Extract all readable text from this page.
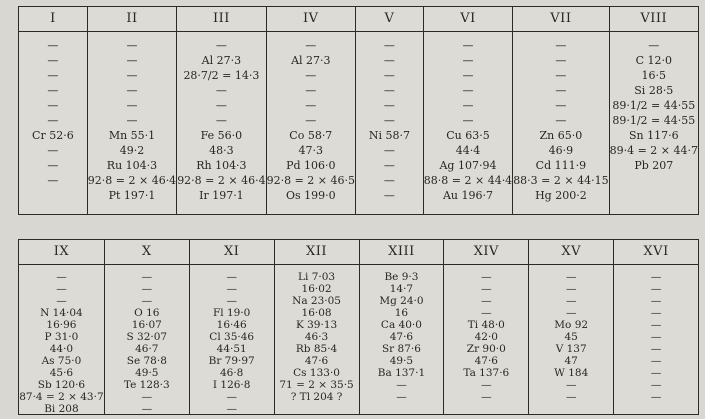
I
—
—
—
—
—
—
Cr 52·6
—
—
—
II
—
—
—
—
—
—
Mn 55·1
49·2
Ru 104·3
92·8 = 2 × 46·4
Pt 197·1
III
—
Al 27·3
28·7/2 = 14·3
—
—
—
Fe 56·0
48·3
Rh 104·3
92·8 = 2 × 46·4
Ir 197·1
IV
—
Al 27·3
—
—
—
—
Co 58·7
47·3
Pd 106·0
92·8 = 2 × 46·5
Os 199·0
V
—
—
—
—
—
—
Ni 58·7
—
—
—
—
VI
—
—
—
—
—
—
Cu 63·5
44·4
Ag 107·94
88·8 = 2 × 44·4
Au 196·7
VII
—
—
—
—
—
—
Zn 65·0
46·9
Cd 111·9
88·3 = 2 × 44·15
Hg 200·2
VIII
—
C 12·0
16·5
Si 28·5
89·1/2 = 44·55
89·1/2 = 44·55
Sn 117·6
89·4 = 2 × 44·7
Pb 207
IX
—
—
—
N 14·04
16·96
P 31·0
44·0
As 75·0
45·6
Sb 120·6
87·4 = 2 × 43·7
Bi 208
X
—
—
—
O 16
16·07
S 32·07
46·7
Se 78·8
49·5
Te 128·3
—
—
XI
—
—
—
Fl 19·0
16·46
Cl 35·46
44·51
Br 79·97
46·8
I 126·8
—
—
XII
Li 7·03
16·02
Na 23·05
16·08
K 39·13
46·3
Rb 85·4
47·6
Cs 133·0
71 = 2 × 35·5
? Tl 204 ?
XIII
Be 9·3
14·7
Mg 24·0
16
Ca 40·0
47·6
Sr 87·6
49·5
Ba 137·1
—
—
XIV
—
—
—
—
Ti 48·0
42·0
Zr 90·0
47·6
Ta 137·6
—
—
XV
—
—
—
—
Mo 92
45
V 137
47
W 184
—
—
XVI
—
—
—
—
—
—
—
—
—
—
—
